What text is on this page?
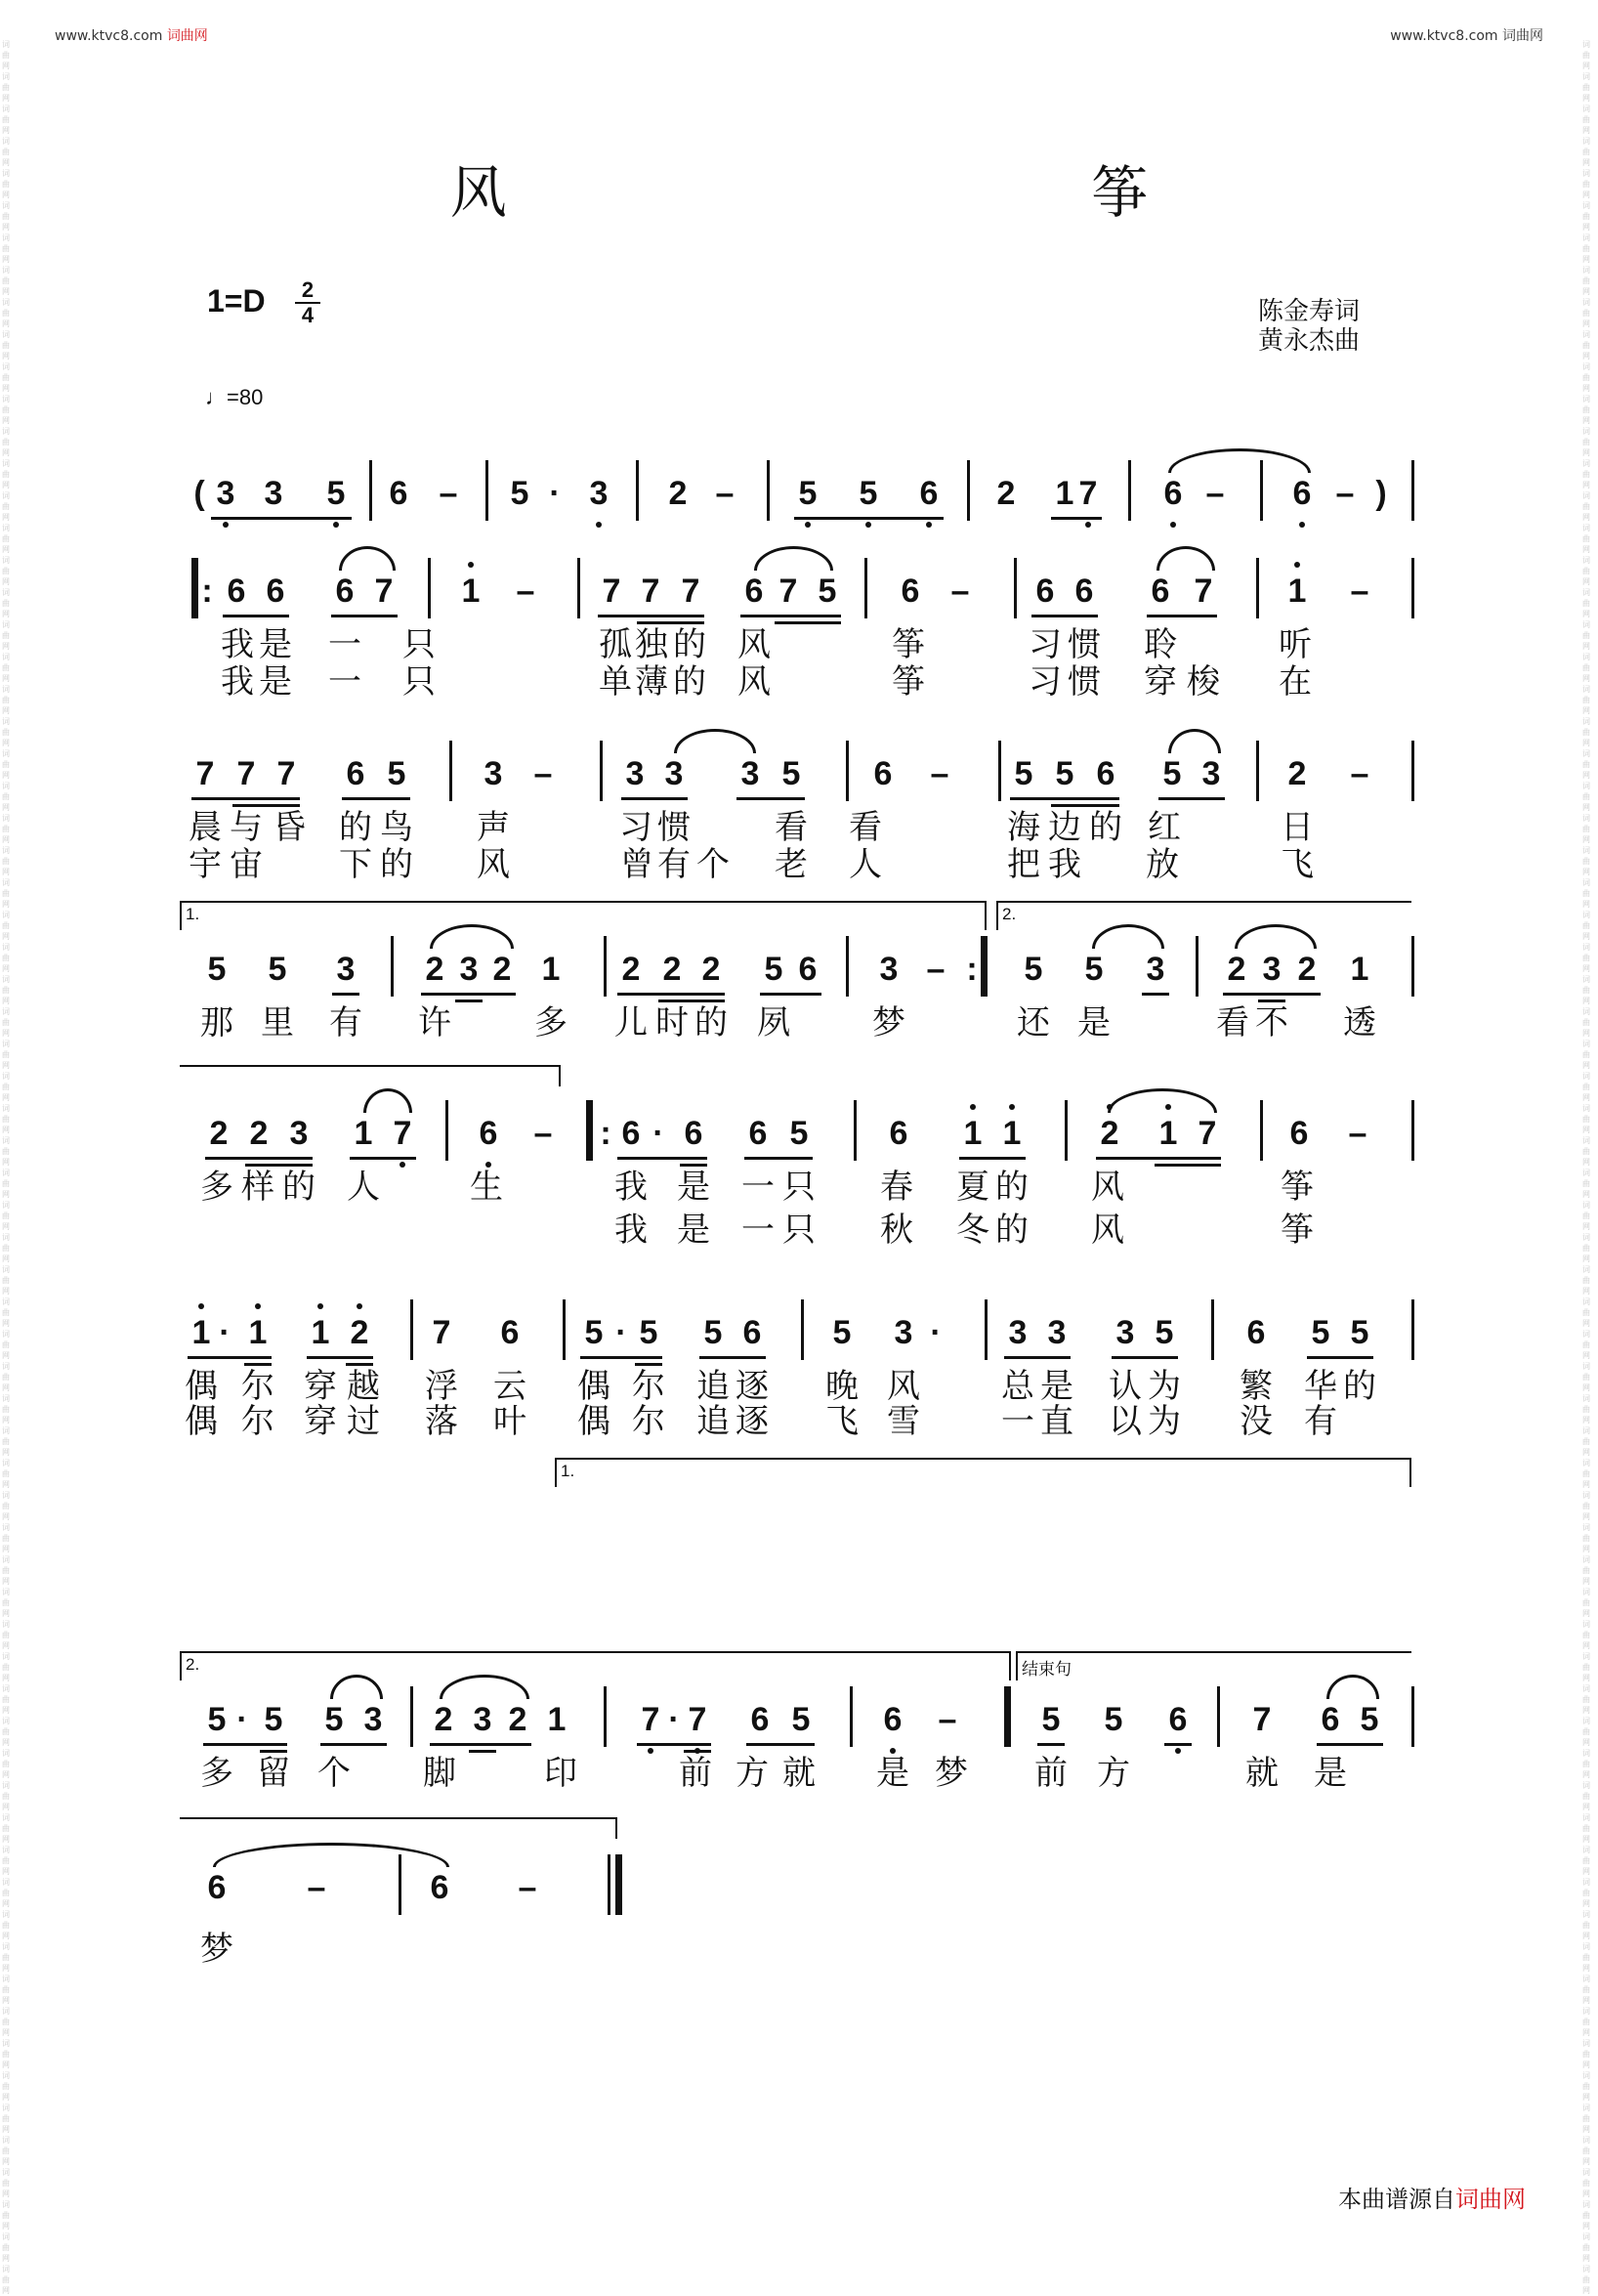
www.ktvc8.com 词曲网	www.ktvc8.com 词曲网
词曲网词曲网词曲网词曲网词曲网词曲网词曲网词曲网词曲网词曲网词曲网词曲网词曲网词曲网词曲网词曲网词曲网词曲网词曲网词曲网词曲网词曲网词曲网词曲网词曲网词曲网词曲网词曲网词曲网词曲网词曲网词曲网词曲网词曲网词曲网词曲网词曲网词曲网词曲网词曲网词曲网词曲网词曲网词曲网词曲网词曲网词曲网词曲网词曲网词曲网词曲网词曲网词曲网词曲网词曲网词曲网词曲网词曲网词曲网词曲网词曲网词曲网词曲网词曲网词曲网词曲网词曲网词曲网词曲网词曲网
词曲网词曲网词曲网词曲网词曲网词曲网词曲网词曲网词曲网词曲网词曲网词曲网词曲网词曲网词曲网词曲网词曲网词曲网词曲网词曲网词曲网词曲网词曲网词曲网词曲网词曲网词曲网词曲网词曲网词曲网词曲网词曲网词曲网词曲网词曲网词曲网词曲网词曲网词曲网词曲网词曲网词曲网词曲网词曲网词曲网词曲网词曲网词曲网词曲网词曲网词曲网词曲网词曲网词曲网词曲网词曲网词曲网词曲网词曲网词曲网词曲网词曲网词曲网词曲网词曲网词曲网词曲网词曲网词曲网词曲网
风 筝
1=D	2
4
♩=80
陈金寿词
黄永杰曲
( 3 3 5 6 – 5 · 3 2 – 5 5 6 2 1 7 6 – 6 – )
: 6 6 6 7 1 – 7 7 7 6 7 5 6 – 6 6 6 7 1 –
我 是 一 只	孤 独 的 风	筝	习 惯 聆	听
我 是 一 只	单 薄 的 风	筝	习 惯 穿 梭 在
7 7 7 6 5 3 – 3 3 3 5 6 – 5 5 6 5 3 2 –
晨 与 昏 的 鸟 声	习 惯	看 看	海 边 的 红	日
宇 宙 下 的 风	曾 有 个 老 人	把 我 放	飞
1.	2.
5 5 3 2 3 2 1 2 2 2 5 6 3 – :	5 5 3 2 3 2 1
那 里 有 许	多 儿 时 的 夙 梦	还 是	看 不 透
2 2 3 1 7 6 –	: 6 · 6 6 5 6 1 1 2 1 7 6 –
多 样 的 人	生	我 是 一 只 春 夏 的 风	筝
我 是 一 只 秋 冬 的 风	筝
1 · 1 1 2 7 6 5 · 5 5 6 5 3 ·	3 3 3 5 6 5 5
偶 尔 穿 越 浮 云 偶 尔 追 逐 晚 风 总 是 认 为 繁 华 的
偶 尔 穿 过 落 叶 偶 尔 追 逐 飞 雪 一 直 以 为 没 有
1.
2.	结束句
5 · 5 5 3 2 3 2 1 7 · 7 6 5 6 –	5 5 6 7 6 5
多 留 个 脚	印	前 方 就 是 梦 前 方	就 是
6 –	6 –
梦
本曲谱源自词曲网
